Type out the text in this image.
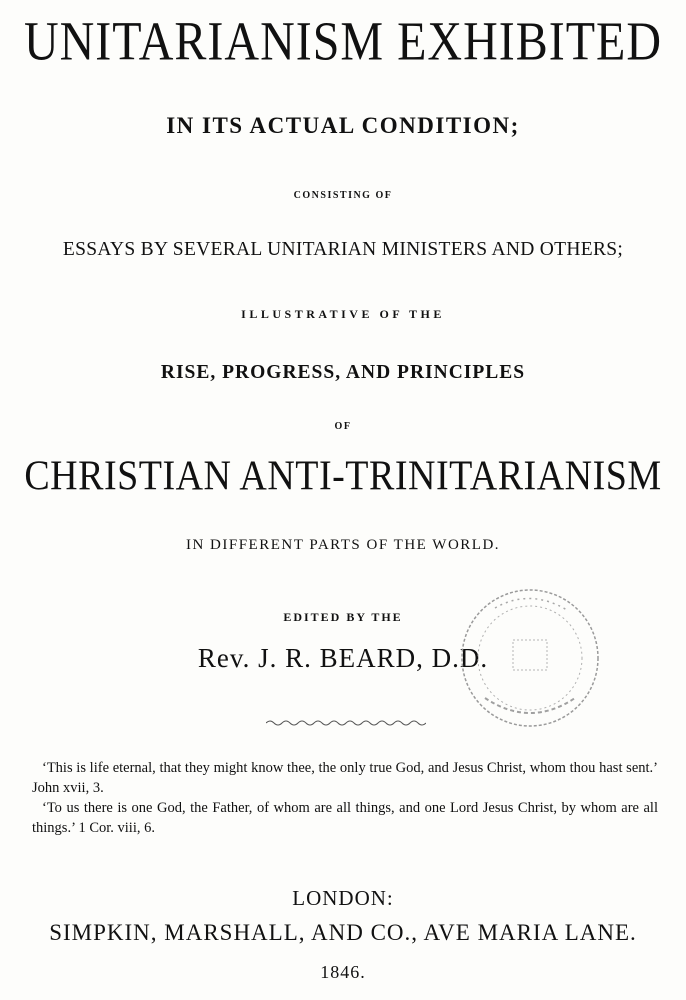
UNITARIANISM EXHIBITED
IN ITS ACTUAL CONDITION;
CONSISTING OF
ESSAYS BY SEVERAL UNITARIAN MINISTERS AND OTHERS;
ILLUSTRATIVE OF THE
RISE, PROGRESS, AND PRINCIPLES
OF
CHRISTIAN ANTI-TRINITARIANISM
IN DIFFERENT PARTS OF THE WORLD.
EDITED BY THE
Rev. J. R. BEARD, D.D.

‘This is life eternal, that they might know thee, the only true God, and Jesus Christ, whom thou hast sent.’ John xvii, 3.

‘To us there is one God, the Father, of whom are all things, and one Lord Jesus Christ, by whom are all things.’ 1 Cor. viii, 6.

LONDON:
SIMPKIN, MARSHALL, AND CO., AVE MARIA LANE.
1846.
